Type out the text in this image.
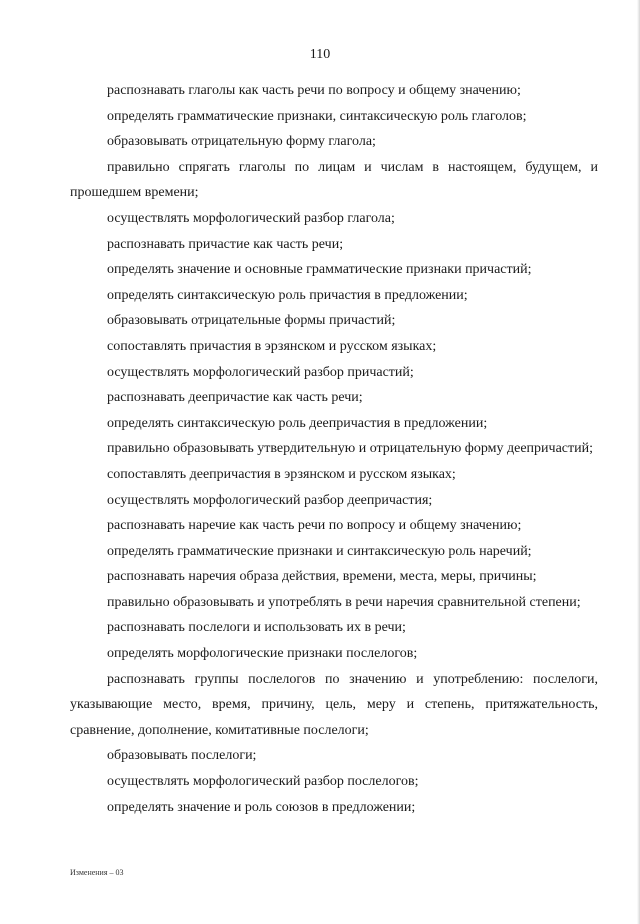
110

распознавать глаголы как часть речи по вопросу и общему значению;

определять грамматические признаки, синтаксическую роль глаголов;

образовывать отрицательную форму глагола;

правильно спрягать глаголы по лицам и числам в настоящем, будущем, и прошедшем времени;

осуществлять морфологический разбор глагола;

распознавать причастие как часть речи;

определять значение и основные грамматические признаки причастий;

определять синтаксическую роль причастия в предложении;

образовывать отрицательные формы причастий;

сопоставлять причастия в эрзянском и русском языках;

осуществлять морфологический разбор причастий;

распознавать деепричастие как часть речи;

определять синтаксическую роль деепричастия в предложении;

правильно образовывать утвердительную и отрицательную форму деепричастий;

сопоставлять деепричастия в эрзянском и русском языках;

осуществлять морфологический разбор деепричастия;

распознавать наречие как часть речи по вопросу и общему значению;

определять грамматические признаки и синтаксическую роль наречий;

распознавать наречия образа действия, времени, места, меры, причины;

правильно образовывать и употреблять в речи наречия сравнительной степени;

распознавать послелоги и использовать их в речи;

определять морфологические признаки послелогов;

распознавать группы послелогов по значению и употреблению: послелоги, указывающие место, время, причину, цель, меру и степень, притяжательность, сравнение, дополнение, комитативные послелоги;

образовывать послелоги;

осуществлять морфологический разбор послелогов;

определять значение и роль союзов в предложении;

Изменения – 03
